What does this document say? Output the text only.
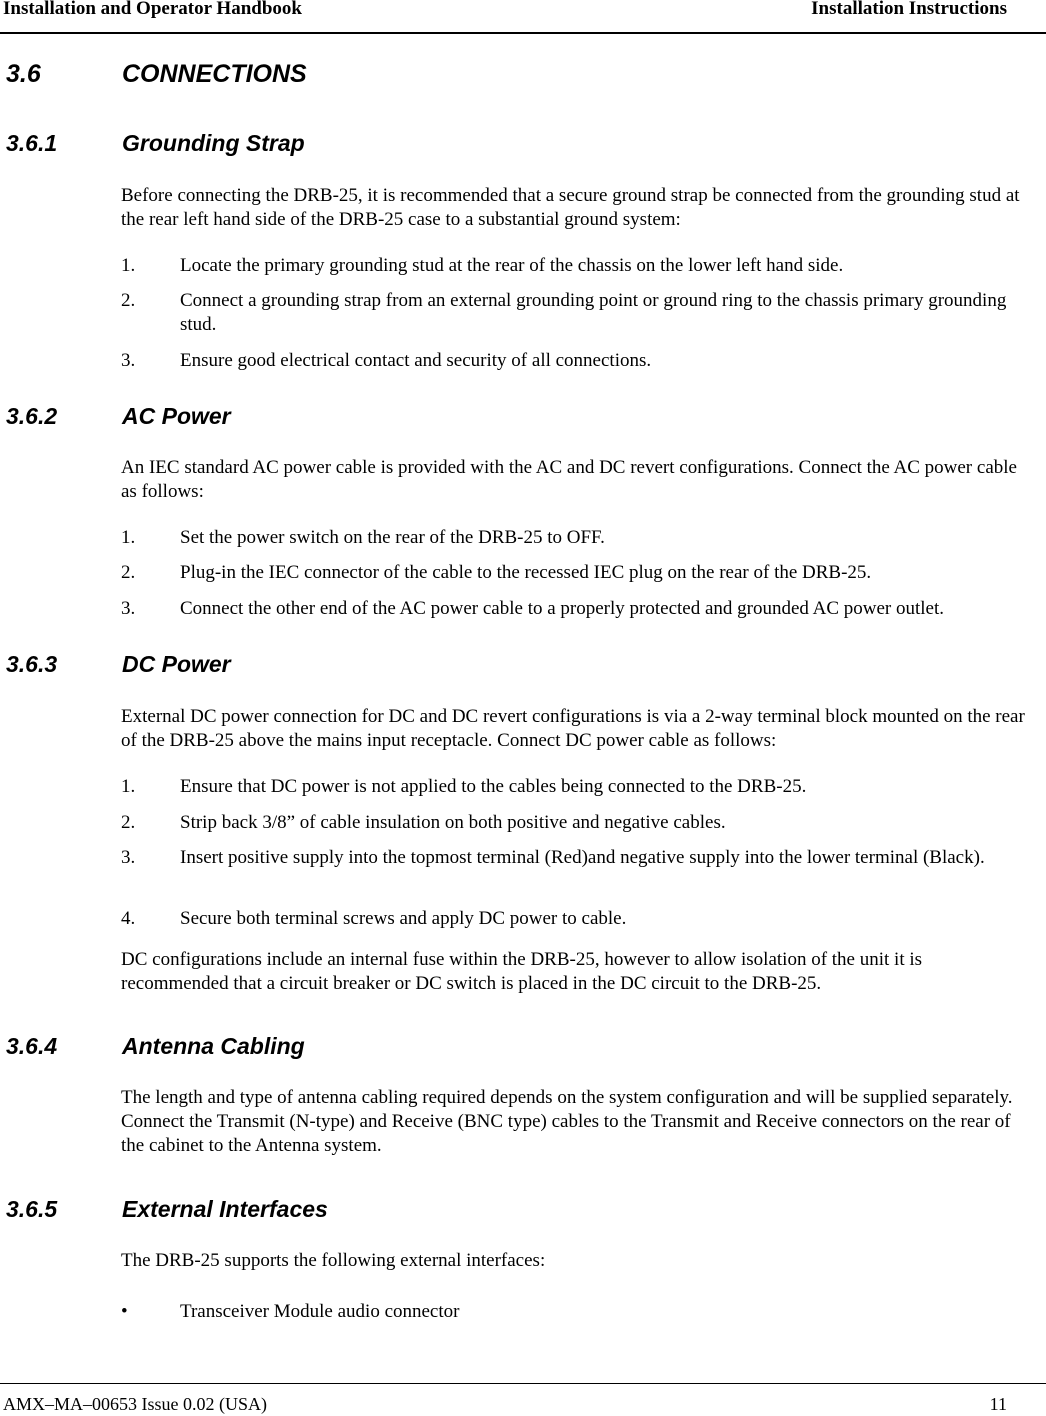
Installation and Operator Handbook	Installation Instructions
3.6	CONNECTIONS
3.6.1	Grounding Strap
Before connecting the DRB-25, it is recommended that a secure ground strap be connected from the grounding stud at the rear left hand side of the DRB-25 case to a substantial ground system:
1. Locate the primary grounding stud at the rear of the chassis on the lower left hand side.
2. Connect a grounding strap from an external grounding point or ground ring to the chassis primary grounding stud.
3. Ensure good electrical contact and security of all connections.
3.6.2	AC Power
An IEC standard AC power cable is provided with the AC and DC revert configurations. Connect the AC power cable as follows:
1. Set the power switch on the rear of the DRB-25 to OFF.
2. Plug-in the IEC connector of the cable to the recessed IEC plug on the rear of the DRB-25.
3. Connect the other end of the AC power cable to a properly protected and grounded AC power outlet.
3.6.3	DC Power
External DC power connection for DC and DC revert configurations is via a 2-way terminal block mounted on the rear of the DRB-25 above the mains input receptacle. Connect DC power cable as follows:
1. Ensure that DC power is not applied to the cables being connected to the DRB-25.
2. Strip back 3/8” of cable insulation on both positive and negative cables.
3. Insert positive supply into the topmost terminal (Red)and negative supply into the lower terminal (Black).
4. Secure both terminal screws and apply DC power to cable.
DC configurations include an internal fuse within the DRB-25, however to allow isolation of the unit it is recommended that a circuit breaker or DC switch is placed in the DC circuit to the DRB-25.
3.6.4	Antenna Cabling
The length and type of antenna cabling required depends on the system configuration and will be supplied separately. Connect the Transmit (N-type) and Receive (BNC type) cables to the Transmit and Receive connectors on the rear of the cabinet to the Antenna system.
3.6.5	External Interfaces
The DRB-25 supports the following external interfaces:
•	Transceiver Module audio connector
AMX–MA–00653 Issue 0.02 (USA)	11
